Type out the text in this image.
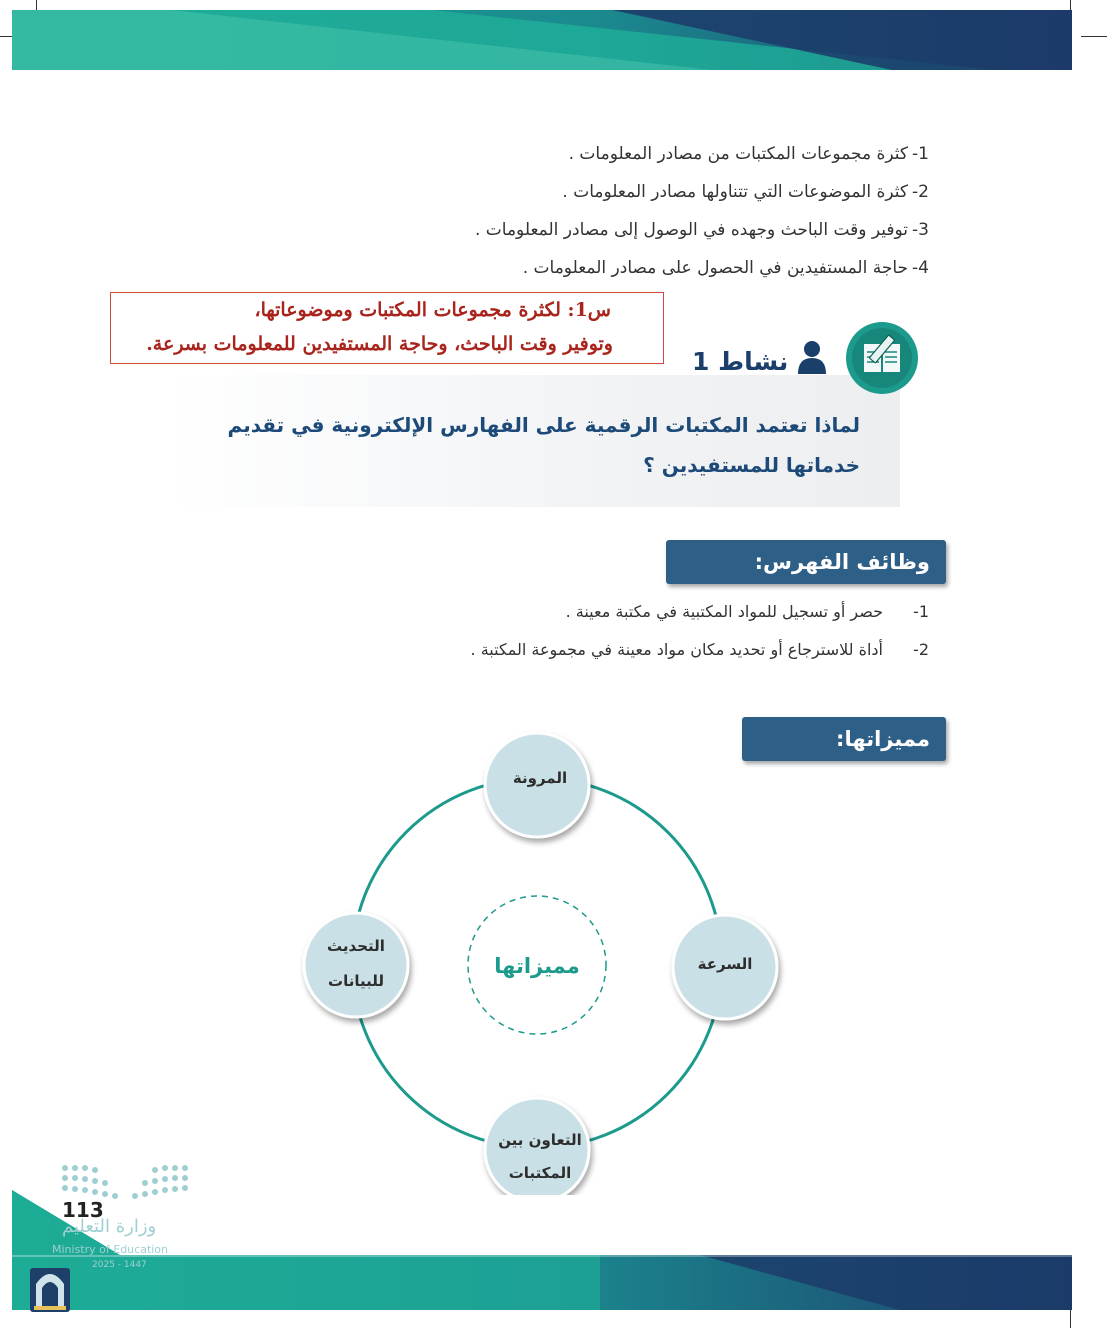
1-كثرة مجموعات المكتبات من مصادر المعلومات .
2-كثرة الموضوعات التي تتناولها مصادر المعلومات .
3-توفير وقت الباحث وجهده في الوصول إلى مصادر المعلومات .
4-حاجة المستفيدين في الحصول على مصادر المعلومات .
س1: لكثرة مجموعات المكتبات وموضوعاتها،
وتوفير وقت الباحث، وحاجة المستفيدين للمعلومات بسرعة.
لماذا تعتمد المكتبات الرقمية على الفهارس الإلكترونية في تقديم خدماتها للمستفيدين ؟
نشاط 1
وظائف الفهرس:
1-حصر أو تسجيل للمواد المكتبية في مكتبة معينة .
2-أداة للاسترجاع أو تحديد مكان مواد معينة في مجموعة المكتبة .
مميزاتها:
مميزاتها
المرونة
السرعة
التعاون بين
المكتبات
التحديث
للبيانات
وزارة التعليم
113
Ministry of Education
2025 - 1447
